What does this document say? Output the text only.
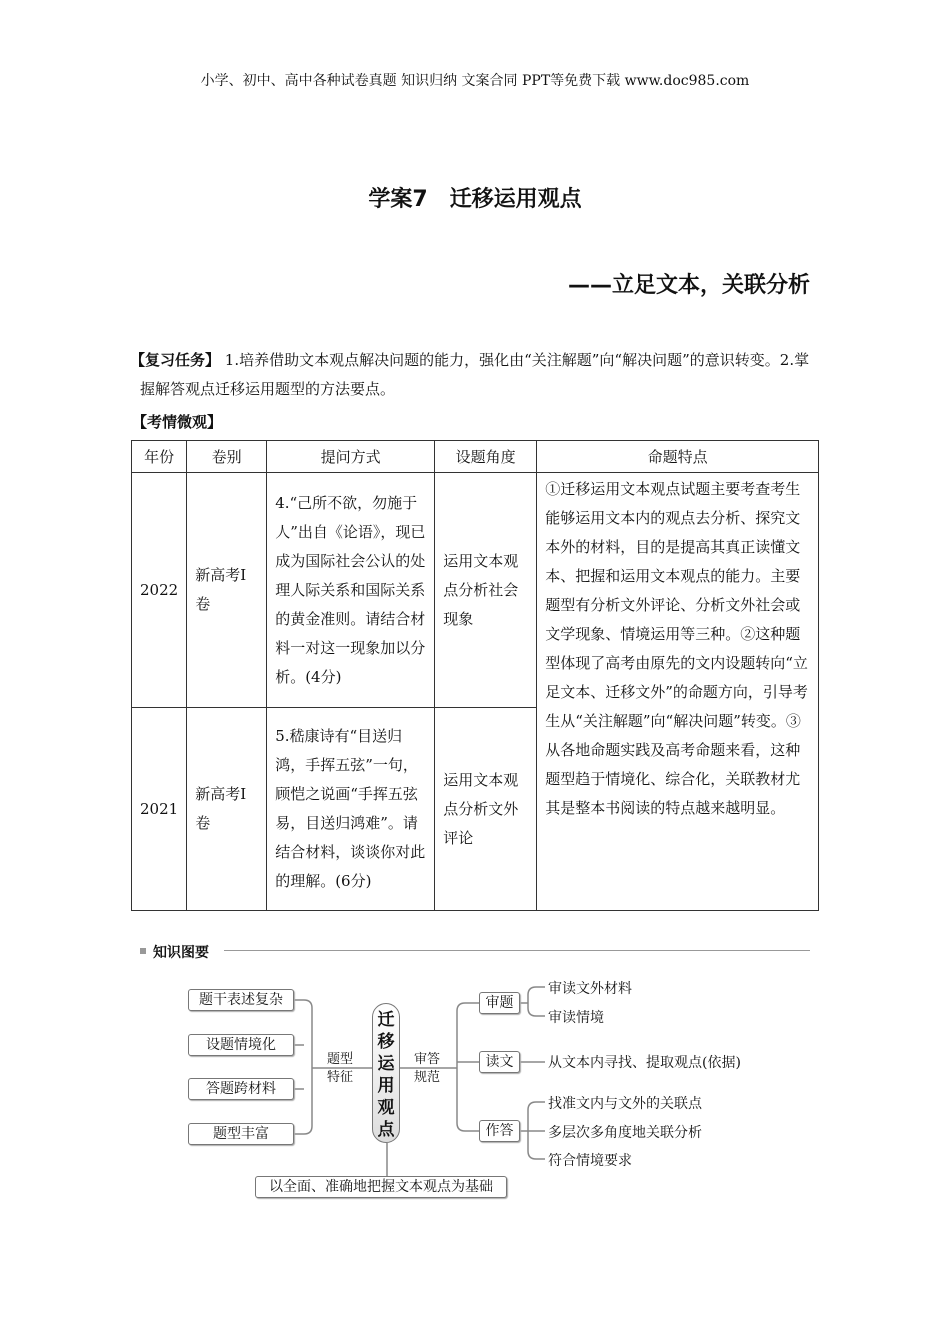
小学、初中、高中各种试卷真题 知识归纳 文案合同 PPT等免费下载 www.doc985.com
学案7　迁移运用观点
——立足文本，关联分析
【复习任务】 1.培养借助文本观点解决问题的能力，强化由“关注解题”向“解决问题”的意识转变。2.掌握解答观点迁移运用题型的方法要点。
【考情微观】
年份	卷别	提问方式	设题角度	命题特点
2022	新高考Ⅰ卷	4.“己所不欲，勿施于人”出自《论语》，现已成为国际社会公认的处理人际关系和国际关系的黄金准则。请结合材料一对这一现象加以分析。(4分)	运用文本观点分析社会现象	①迁移运用文本观点试题主要考查考生能够运用文本内的观点去分析、探究文本外的材料，目的是提高其真正读懂文本、把握和运用文本观点的能力。主要题型有分析文外评论、分析文外社会或文学现象、情境运用等三种。②这种题型体现了高考由原先的文内设题转向“立足文本、迁移文外”的命题方向，引导考生从“关注解题”向“解决问题”转变。③从各地命题实践及高考命题来看，这种题型趋于情境化、综合化，关联教材尤其是整本书阅读的特点越来越明显。
2021	新高考Ⅰ卷	5.嵇康诗有“目送归鸿，手挥五弦”一句，顾恺之说画“手挥五弦易，目送归鸿难”。请结合材料，谈谈你对此的理解。(6分)	运用文本观点分析文外评论	
知识图要
题干表述复杂
设题情境化
答题跨材料
题型丰富
题型特征
审答规范
迁移运用观点
审题
读文
作答
审读文外材料
审读情境
从文本内寻找、提取观点(依据)
找准文内与文外的关联点
多层次多角度地关联分析
符合情境要求
以全面、准确地把握文本观点为基础
